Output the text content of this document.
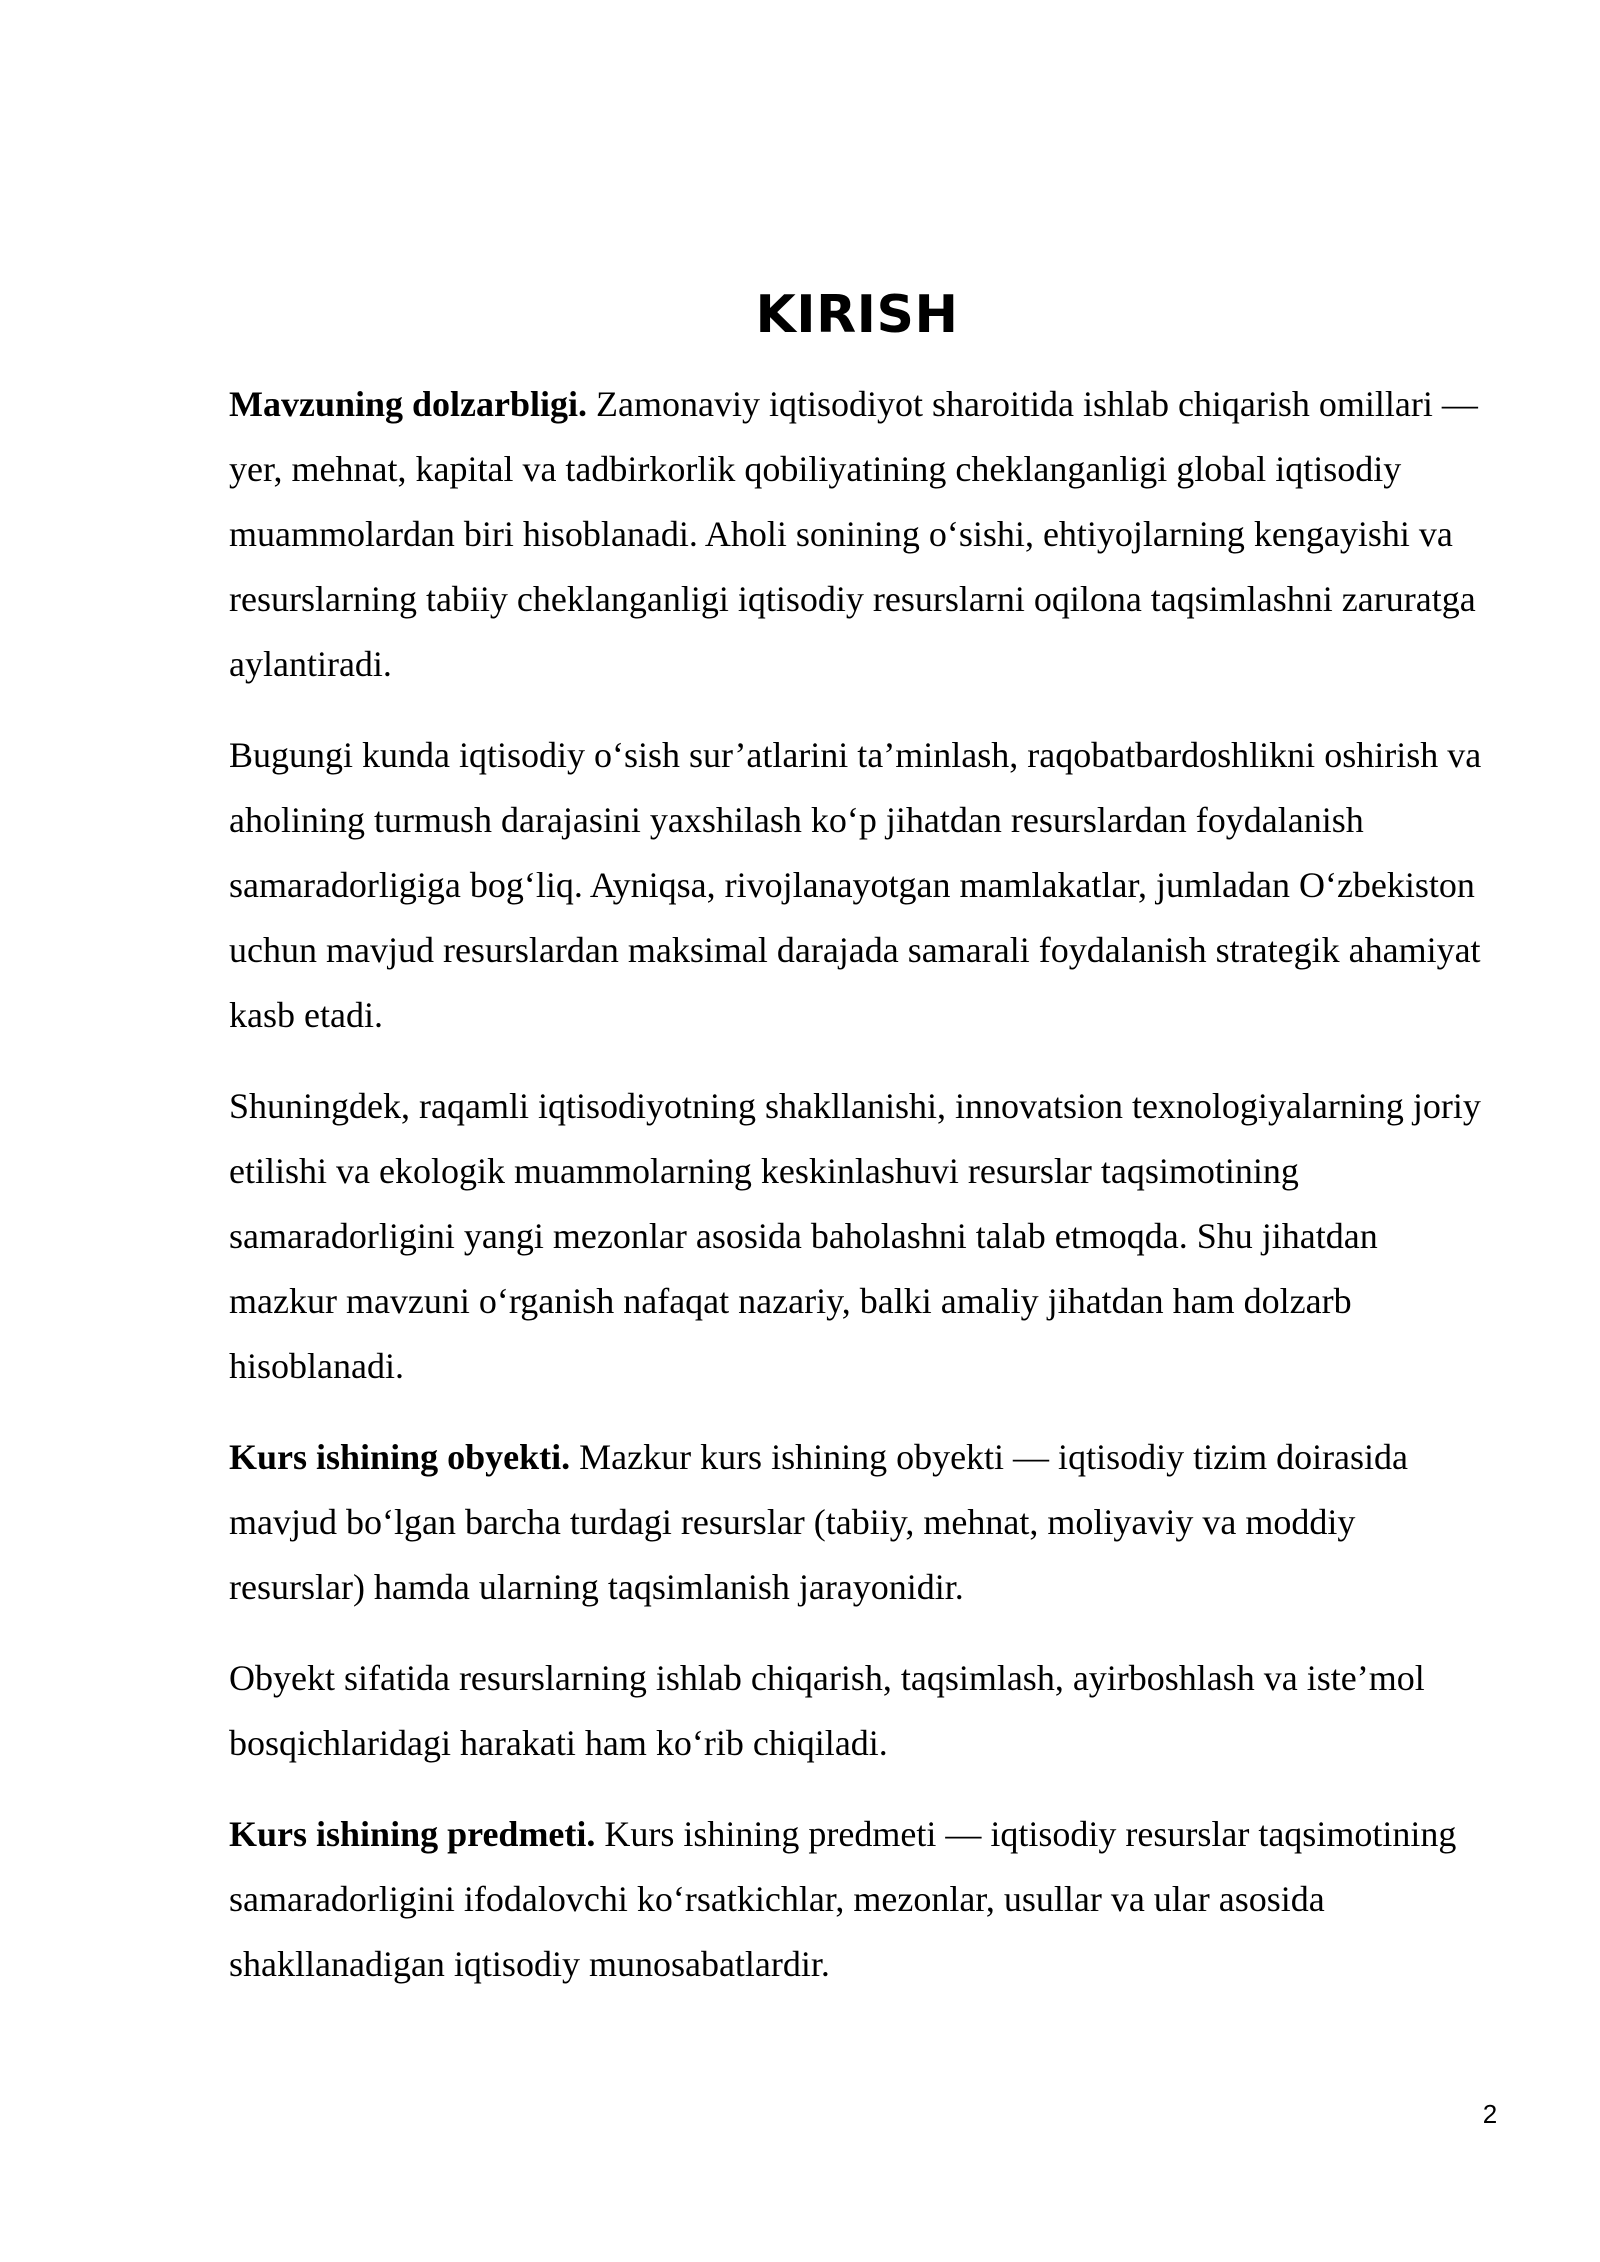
KIRISH

Mavzuning dolzarbligi. Zamonaviy iqtisodiyot sharoitida ishlab chiqarish omillari — yer, mehnat, kapital va tadbirkorlik qobiliyatining cheklanganligi global iqtisodiy muammolardan biri hisoblanadi. Aholi sonining o‘sishi, ehtiyojlarning kengayishi va resurslarning tabiiy cheklanganligi iqtisodiy resurslarni oqilona taqsimlashni zaruratga aylantiradi.

Bugungi kunda iqtisodiy o‘sish sur’atlarini ta’minlash, raqobatbardoshlikni oshirish va aholining turmush darajasini yaxshilash ko‘p jihatdan resurslardan foydalanish samaradorligiga bog‘liq. Ayniqsa, rivojlanayotgan mamlakatlar, jumladan O‘zbekiston uchun mavjud resurslardan maksimal darajada samarali foydalanish strategik ahamiyat kasb etadi.

Shuningdek, raqamli iqtisodiyotning shakllanishi, innovatsion texnologiyalarning joriy etilishi va ekologik muammolarning keskinlashuvi resurslar taqsimotining samaradorligini yangi mezonlar asosida baholashni talab etmoqda. Shu jihatdan mazkur mavzuni o‘rganish nafaqat nazariy, balki amaliy jihatdan ham dolzarb hisoblanadi.

Kurs ishining obyekti. Mazkur kurs ishining obyekti — iqtisodiy tizim doirasida mavjud bo‘lgan barcha turdagi resurslar (tabiiy, mehnat, moliyaviy va moddiy resurslar) hamda ularning taqsimlanish jarayonidir.

Obyekt sifatida resurslarning ishlab chiqarish, taqsimlash, ayirboshlash va iste’mol bosqichlaridagi harakati ham ko‘rib chiqiladi.

Kurs ishining predmeti. Kurs ishining predmeti — iqtisodiy resurslar taqsimotining samaradorligini ifodalovchi ko‘rsatkichlar, mezonlar, usullar va ular asosida shakllanadigan iqtisodiy munosabatlardir.

2
